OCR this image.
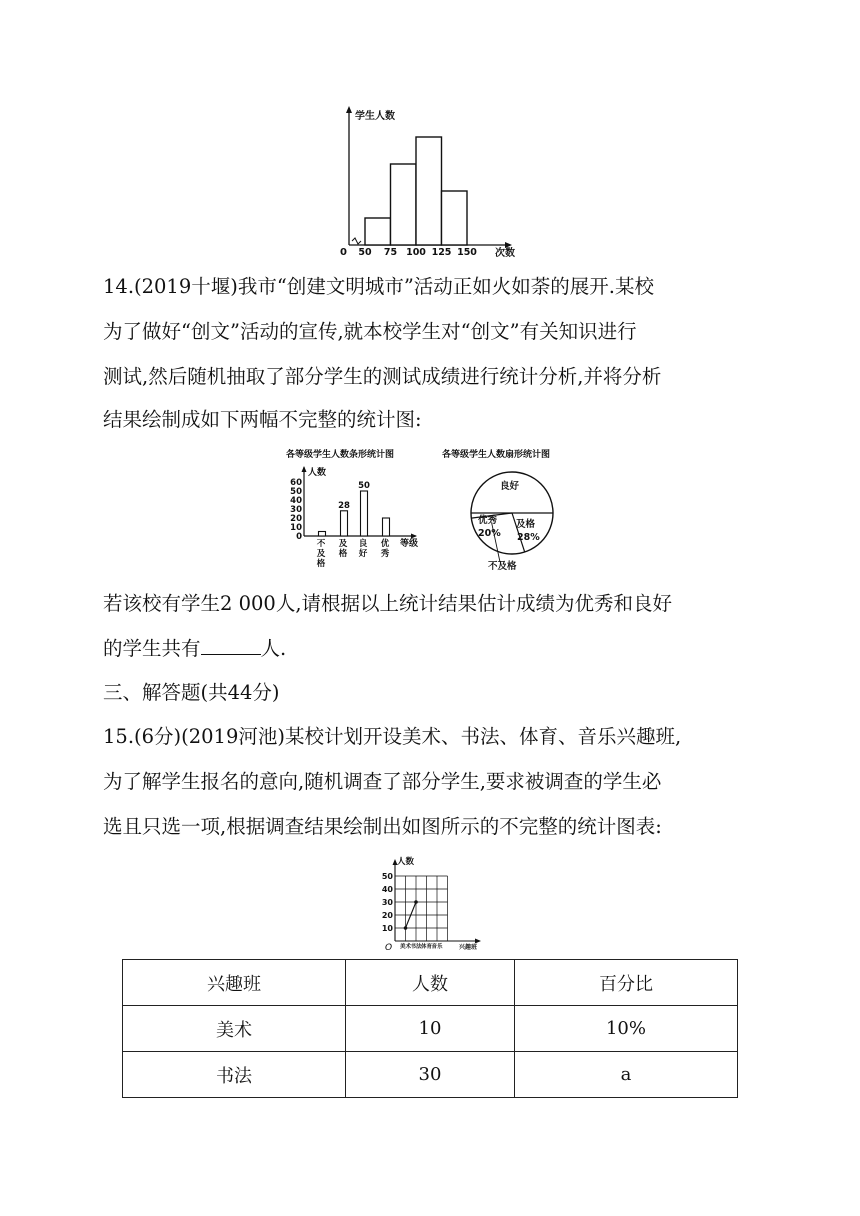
50 75 100 125 150
学生人数
次数
0
14.(2019十堰)我市“创建文明城市”活动正如火如荼的展开.某校
为了做好“创文”活动的宣传,就本校学生对“创文”有关知识进行
测试,然后随机抽取了部分学生的测试成绩进行统计分析,并将分析
结果绘制成如下两幅不完整的统计图:
各等级学生人数条形统计图
人数
等级
0
10
20
30
40
50
60
不及格
28
及格
50
良好
优秀
各等级学生人数扇形统计图
良好
优秀
20%
及格
28%
不及格
若该校有学生2 000人,请根据以上统计结果估计成绩为优秀和良好
的学生共有	人.
三、解答题(共44分)
15.(6分)(2019河池)某校计划开设美术、书法、体育、音乐兴趣班,
为了解学生报名的意向,随机调查了部分学生,要求被调查的学生必
选且只选一项,根据调查结果绘制出如图所示的不完整的统计图表:
10
20
30
40
50
美术 书法 体育 音乐
人数
O	兴趣班
兴趣班	人数	百分比
美术	10	10%
书法	30	a
